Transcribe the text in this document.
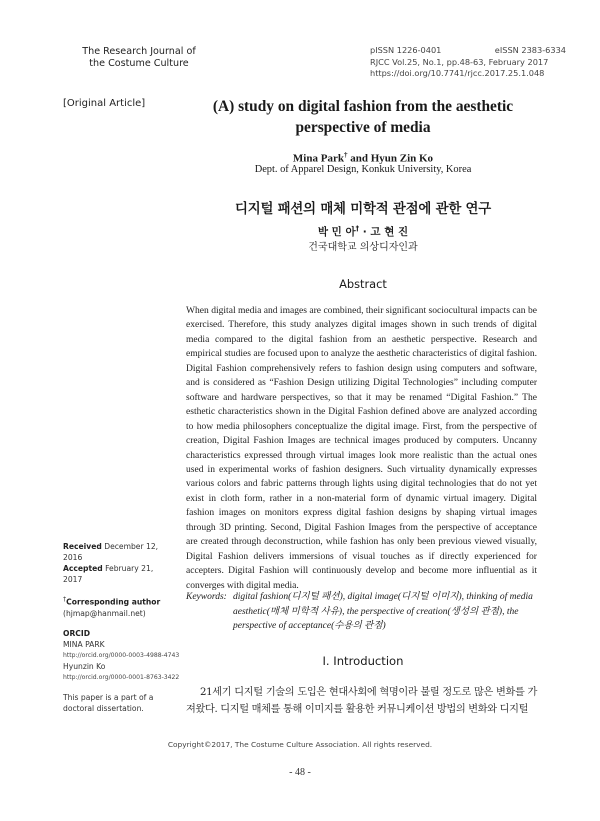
The Research Journal of
the Costume Culture
pISSN 1226-0401	eISSN 2383-6334
RJCC Vol.25, No.1, pp.48-63, February 2017
https://doi.org/10.7741/rjcc.2017.25.1.048
[Original Article]	(A) study on digital fashion from the aesthetic perspective of media
Mina Park† and Hyun Zin Ko
Dept. of Apparel Design, Konkuk University, Korea
디지털 패션의 매체 미학적 관점에 관한 연구
박 민 아† · 고 현 진
건국대학교 의상디자인과
Abstract
When digital media and images are combined, their significant sociocultural impacts can be exercised. Therefore, this study analyzes digital images shown in such trends of digital media compared to the digital fashion from an aesthetic perspective. Research and empirical studies are focused upon to analyze the aesthetic characteristics of digital fashion. Digital Fashion comprehensively refers to fashion design using computers and software, and is considered as “Fashion Design utilizing Digital Technologies” including computer software and hardware perspectives, so that it may be renamed “Digital Fashion.” The esthetic characteristics shown in the Digital Fashion defined above are analyzed according to how media philosophers conceptualize the digital image. First, from the perspective of creation, Digital Fashion Images are technical images produced by computers. Uncanny characteristics expressed through virtual images look more realistic than the actual ones used in experimental works of fashion designers. Such virtuality dynamically expresses various colors and fabric patterns through lights using digital technologies that do not yet exist in cloth form, rather in a non-material form of dynamic virtual imagery. Digital fashion images on monitors express digital fashion designs by shaping virtual images through 3D printing. Second, Digital Fashion Images from the perspective of acceptance are created through deconstruction, while fashion has only been previous viewed visually, Digital Fashion delivers immersions of visual touches as if directly experienced for accepters. Digital Fashion will continuously develop and become more influential as it converges with digital media.
Keywords: digital fashion(디지털 패션), digital image(디지털 이미지), thinking of media aesthetic(매체 미학적 사유), the perspective of creation(생성의 관점), the perspective of acceptance(수용의 관점)
Received December 12, 2016
Accepted February 21, 2017
†Corresponding author
(hjmap@hanmail.net)
ORCID
MINA PARK
http://orcid.org/0000-0003-4988-4743
Hyunzin Ko
http://orcid.org/0000-0001-8763-3422
This paper is a part of a doctoral dissertation.
I. Introduction
21세기 디지털 기술의 도입은 현대사회에 혁명이라 불릴 정도로 많은 변화를 가져왔다. 디지털 매체를 통해 이미지를 활용한 커뮤니케이션 방법의 변화와 디지털
Copyright©2017, The Costume Culture Association. All rights reserved.
- 48 -
